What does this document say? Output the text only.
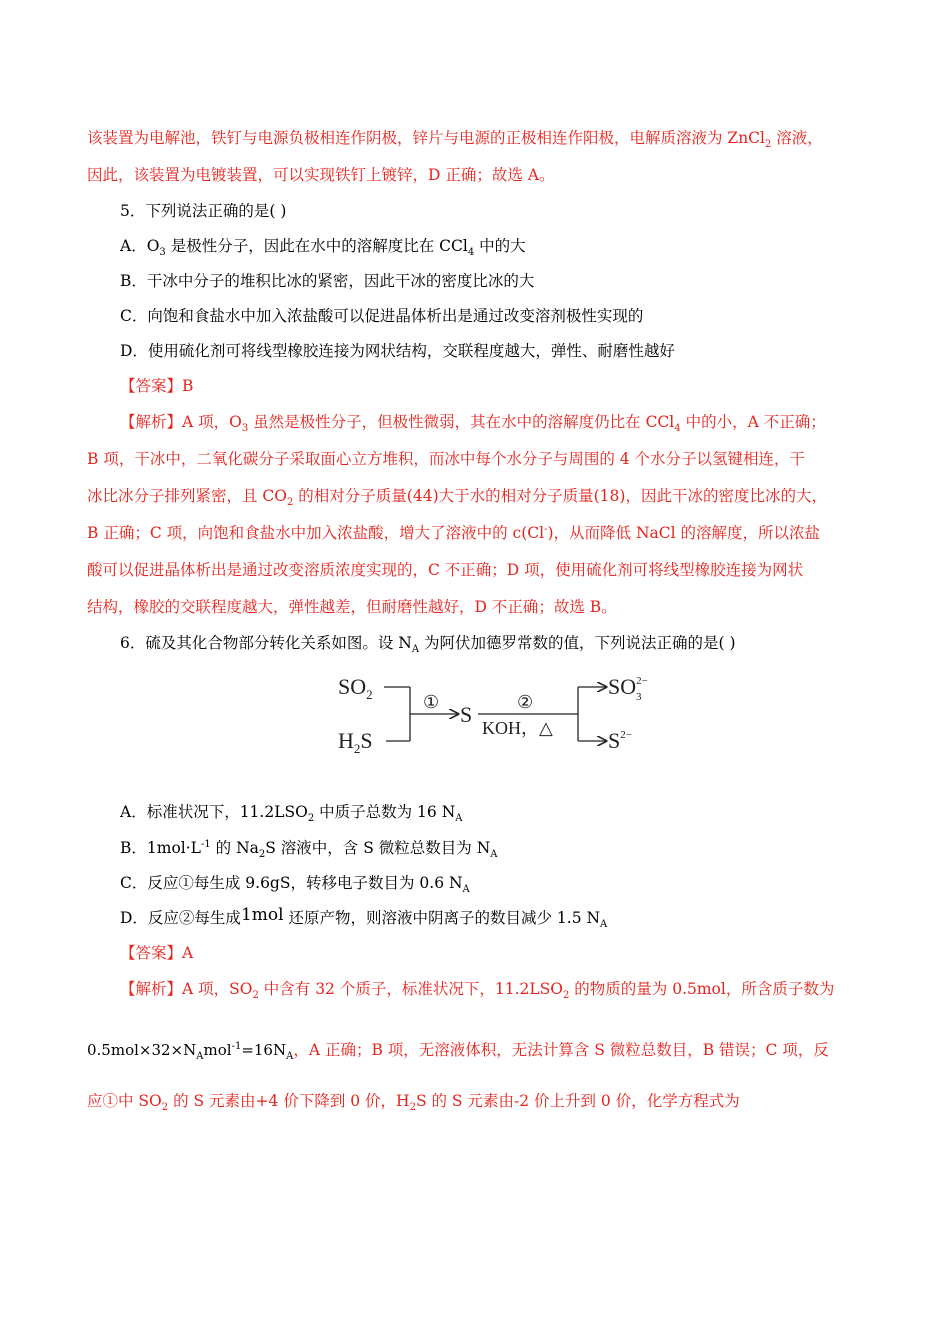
该装置为电解池，铁钉与电源负极相连作阴极，锌片与电源的正极相连作阳极，电解质溶液为 ZnCl$_2$ 溶液，
因此，该装置为电镀装置，可以实现铁钉上镀锌，D 正确；故选 A。
5．下列说法正确的是( )
A．$O_3$ 是极性分子，因此在水中的溶解度比在 CCl$_4$ 中的大
B．干冰中分子的堆积比冰的紧密，因此干冰的密度比冰的大
C．向饱和食盐水中加入浓盐酸可以促进晶体析出是通过改变溶剂极性实现的
D．使用硫化剂可将线型橡胶连接为网状结构，交联程度越大，弹性、耐磨性越好
【答案】B
【解析】A 项，$O_3$ 虽然是极性分子，但极性微弱，其在水中的溶解度仍比在 CCl$_4$ 中的小，A 不正确；
B 项，干冰中，二氧化碳分子采取面心立方堆积，而冰中每个水分子与周围的 4 个水分子以氢键相连，干
冰比冰分子排列紧密，且 $CO_2$ 的相对分子质量(44)大于水的相对分子质量(18)，因此干冰的密度比冰的大，
B 正确；C 项，向饱和食盐水中加入浓盐酸，增大了溶液中的 c(Cl-)，从而降低 NaCl 的溶解度，所以浓盐
酸可以促进晶体析出是通过改变溶质浓度实现的，C 不正确；D 项，使用硫化剂可将线型橡胶连接为网状
结构，橡胶的交联程度越大，弹性越差，但耐磨性越好，D 不正确；故选 B。
6．硫及其化合物部分转化关系如图。设 $N_A$ 为阿伏加德罗常数的值，下列说法正确的是( )
$SO_2$
$H_2S$
① S ②
KOH，△
$SO^{2-}$
3
$S^{2-}$
A．标准状况下，$11.2LSO_2$ 中质子总数为 16 $N_A$
B．$1mol\cdot L^{-1}$ 的 $Na_2S$ 溶液中，含 S 微粒总数目为 $N_A$
C．反应①每生成 9.6gS，转移电子数目为 0.6 $N_A$
D．反应②每生成1mol 还原产物，则溶液中阴离子的数目减少 1.5 $N_A$
【答案】A
【解析】A 项，$SO_2$ 中含有 32 个质子，标准状况下，$11.2LSO_2$ 的物质的量为 0.5mol，所含质子数为
$0.5mol\times 32\times N_Amol^{-1}=16N_A$，A 正确；B 项，无溶液体积，无法计算含 S 微粒总数目，B 错误；C 项，反
应①中 $SO_2$ 的 S 元素由+4 价下降到 0 价，$H_2S$ 的 S 元素由-2 价上升到 0 价，化学方程式为
